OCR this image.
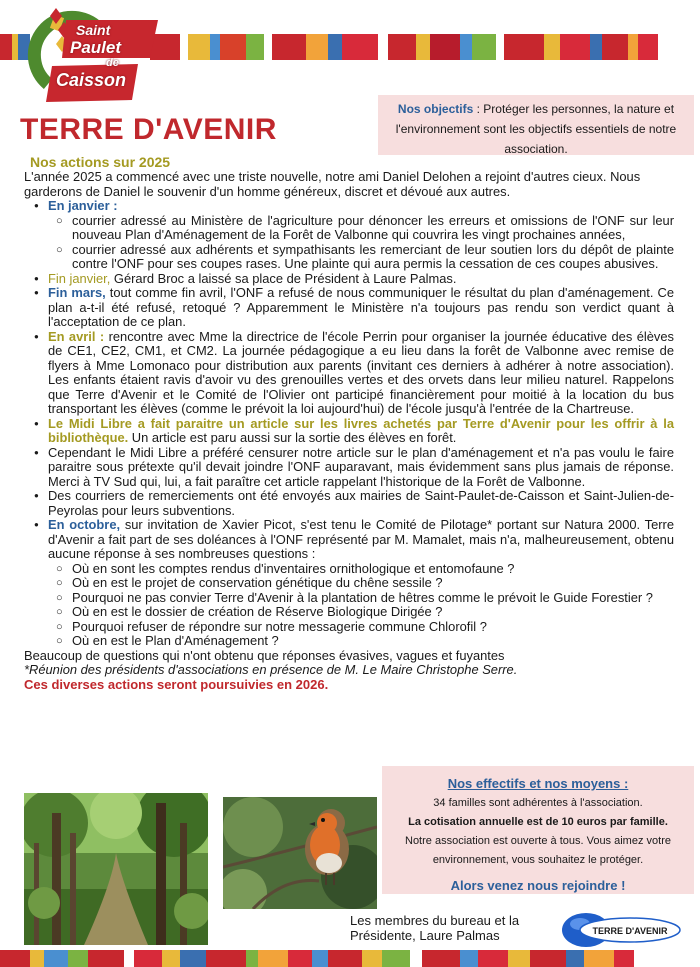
Saint
Paulet
de
Caisson
TERRE D'AVENIR
Nos objectifs : Protéger les personnes, la nature et l'environnement sont les objectifs essentiels de notre association.
Nos actions sur 2025

L'année 2025 a commencé avec une triste nouvelle, notre ami Daniel Delohen a rejoint d'autres cieux. Nous garderons de Daniel le souvenir d'un homme généreux, discret et dévoué aux autres.

● En janvier :
○ courrier adressé au Ministère de l'agriculture pour dénoncer les erreurs et omissions de l'ONF sur leur nouveau Plan d'Aménagement de la Forêt de Valbonne qui couvrira les vingt prochaines années,
○ courrier adressé aux adhérents et sympathisants les remerciant de leur soutien lors du dépôt de plainte contre l'ONF pour ses coupes rases. Une plainte qui aura permis la cessation de ces coupes abusives.
● Fin janvier, Gérard Broc a laissé sa place de Président à Laure Palmas.
● Fin mars, tout comme fin avril, l'ONF a refusé de nous communiquer le résultat du plan d'aménagement. Ce plan a-t-il été refusé, retoqué ? Apparemment le Ministère n'a toujours pas rendu son verdict quant à l'acceptation de ce plan.
● En avril : rencontre avec Mme la directrice de l'école Perrin pour organiser la journée éducative des élèves de CE1, CE2, CM1, et CM2. La journée pédagogique a eu lieu dans la forêt de Valbonne avec remise de flyers à Mme Lomonaco pour distribution aux parents (invitant ces derniers à adhérer à notre association). Les enfants étaient ravis d'avoir vu des grenouilles vertes et des orvets dans leur milieu naturel. Rappelons que Terre d'Avenir et le Comité de l'Olivier ont participé financièrement pour moitié à la location du bus transportant les élèves (comme le prévoit la loi aujourd'hui) de l'école jusqu'à l'entrée de la Chartreuse.
● Le Midi Libre a fait paraitre un article sur les livres achetés par Terre d'Avenir pour les offrir à la bibliothèque. Un article est paru aussi sur la sortie des élèves en forêt.
● Cependant le Midi Libre a préféré censurer notre article sur le plan d'aménagement et n'a pas voulu le faire paraitre sous prétexte qu'il devait joindre l'ONF auparavant, mais évidemment sans plus jamais de réponse. Merci à TV Sud qui, lui, a fait paraître cet article rappelant l'historique de la Forêt de Valbonne.
● Des courriers de remerciements ont été envoyés aux mairies de Saint-Paulet-de-Caisson et Saint-Julien-de-Peyrolas pour leurs subventions.
● En octobre, sur invitation de Xavier Picot, s'est tenu le Comité de Pilotage* portant sur Natura 2000. Terre d'Avenir a fait part de ses doléances à l'ONF représenté par M. Mamalet, mais n'a, malheureusement, obtenu aucune réponse à ses nombreuses questions :
○ Où en sont les comptes rendus d'inventaires ornithologique et entomofaune ?
○ Où en est le projet de conservation génétique du chêne sessile ?
○ Pourquoi ne pas convier Terre d'Avenir à la plantation de hêtres comme le prévoit le Guide Forestier ?
○ Où en est le dossier de création de Réserve Biologique Dirigée ?
○ Pourquoi refuser de répondre sur notre messagerie commune Chlorofil ?
○ Où en est le Plan d'Aménagement ?

Beaucoup de questions qui n'ont obtenu que réponses évasives, vagues et fuyantes

*Réunion des présidents d'associations en présence de M. Le Maire Christophe Serre.

Ces diverses actions seront poursuivies en 2026.

Nos effectifs et nos moyens :
34 familles sont adhérentes à l'association.
La cotisation annuelle est de 10 euros par famille.
Notre association est ouverte à tous. Vous aimez votre environnement, vous souhaitez le protéger.
Alors venez nous rejoindre !
Les membres du bureau et la Présidente, Laure Palmas	TERRE D'AVENIR
